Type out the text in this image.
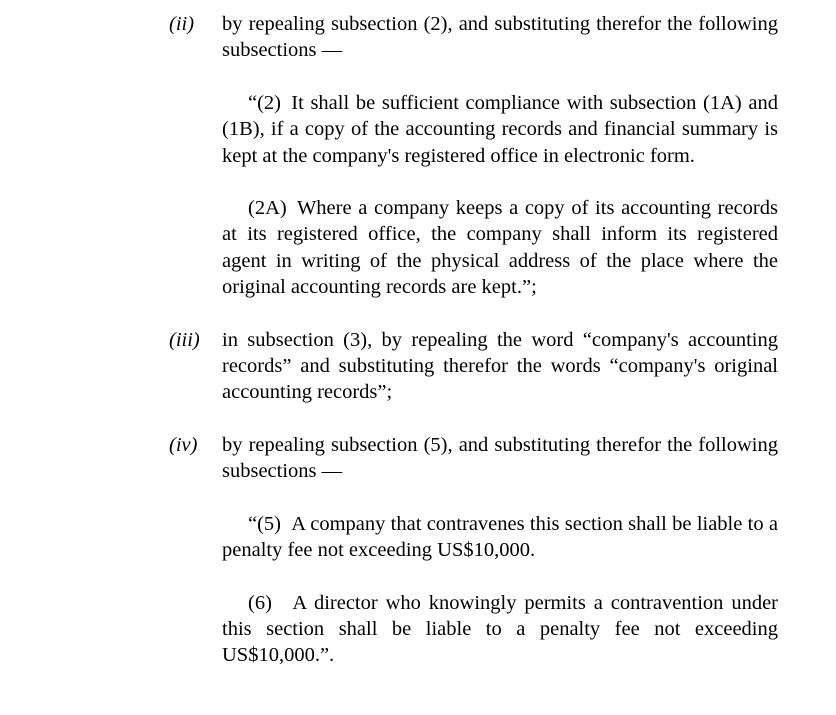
(ii)	by repealing subsection (2), and substituting therefor the following subsections —

“(2) It shall be sufficient compliance with subsection (1A) and (1B), if a copy of the accounting records and financial summary is kept at the company's registered office in electronic form.

(2A) Where a company keeps a copy of its accounting records at its registered office, the company shall inform its registered agent in writing of the physical address of the place where the original accounting records are kept.”;

(iii)	in subsection (3), by repealing the word “company's accounting records” and substituting therefor the words “company's original accounting records”;

(iv)	by repealing subsection (5), and substituting therefor the following subsections —

“(5) A company that contravenes this section shall be liable to a penalty fee not exceeding US$10,000.

(6) A director who knowingly permits a contravention under this section shall be liable to a penalty fee not exceeding US$10,000.”.
